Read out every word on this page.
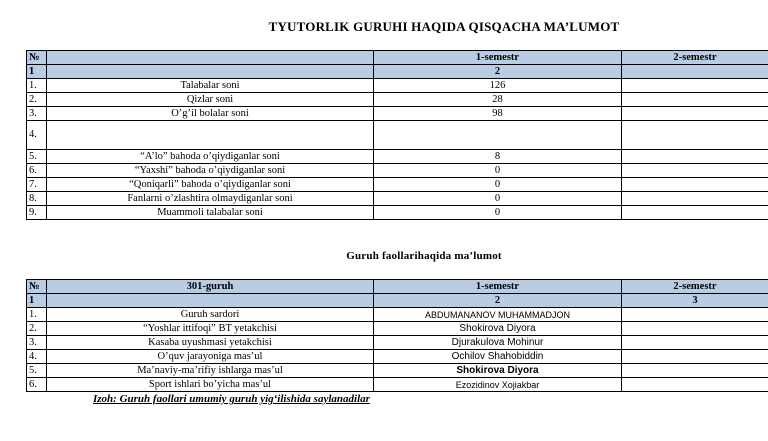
TYUTORLIK GURUHI HAQIDA QISQACHA MA’LUMOT
№		1-semestr	2-semestr
1		2	
1.	Talabalar soni	126	
2.	Qizlar soni	28	
3.	O’g’il bolalar soni	98	
4.			
5.	“A’lo” bahoda o’qiydiganlar soni	8	
6.	“Yaxshi” bahoda o’qiydiganlar soni	0	
7.	“Qoniqarli” bahoda o’qiydiganlar soni	0	
8.	Fanlarni o’zlashtira olmaydiganlar soni	0	
9.	Muammoli talabalar soni	0	
Guruh faollarihaqida ma’lumot
№	301-guruh	1-semestr	2-semestr
1		2	3
1.	Guruh sardori	ABDUMANANOV MUHAMMADJON	
2.	“Yoshlar ittifoqi” BT yetakchisi	Shokirova Diyora	
3.	Kasaba uyushmasi yetakchisi	Djurakulova Mohinur	
4.	O’quv jarayoniga mas’ul	Ochilov Shahobiddin	
5.	Ma’naviy-ma’rifiy ishlarga mas’ul	Shokirova Diyora	
6.	Sport ishlari bo’yicha mas’ul	Ezozidinov Xojiakbar	
Izoh: Guruh faollari umumiy guruh yig‘ilishida saylanadilar
